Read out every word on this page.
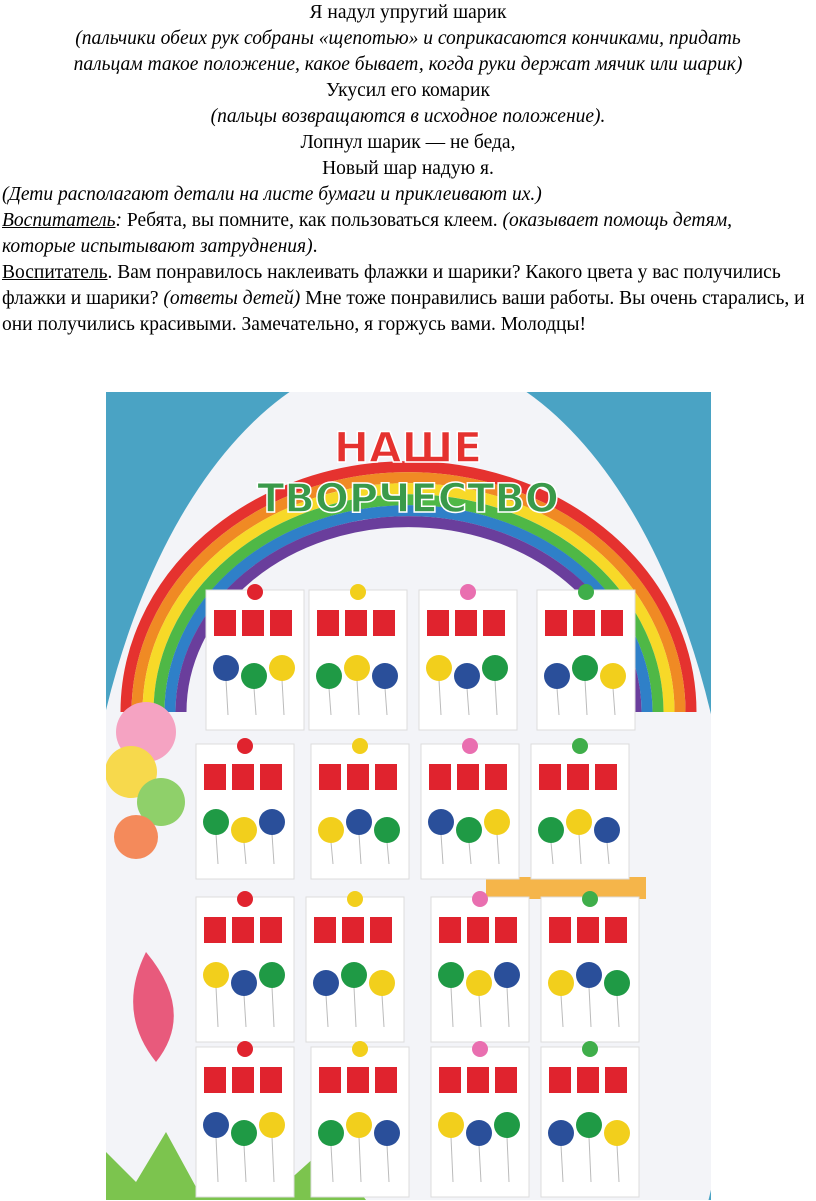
Я надул упругий шарик
(пальчики обеих рук собраны «щепотью» и соприкасаются кончиками, придать
пальцам такое положение, какое бывает, когда руки держат мячик или шарик)
Укусил его комарик
(пальцы возвращаются в исходное положение).
Лопнул шарик — не беда,
Новый шар надую я.
(Дети располагают детали на листе бумаги и приклеивают их.)
Воспитатель: Ребята, вы помните, как пользоваться клеем. (оказывает помощь детям, которые испытывают затруднения).
Воспитатель. Вам понравилось наклеивать флажки и шарики? Какого цвета у вас получились флажки и шарики? (ответы детей) Мне тоже понравились ваши работы. Вы очень старались, и они получились красивыми. Замечательно, я горжусь вами. Молодцы!
НАШЕ
ТВОРЧЕСТВО
